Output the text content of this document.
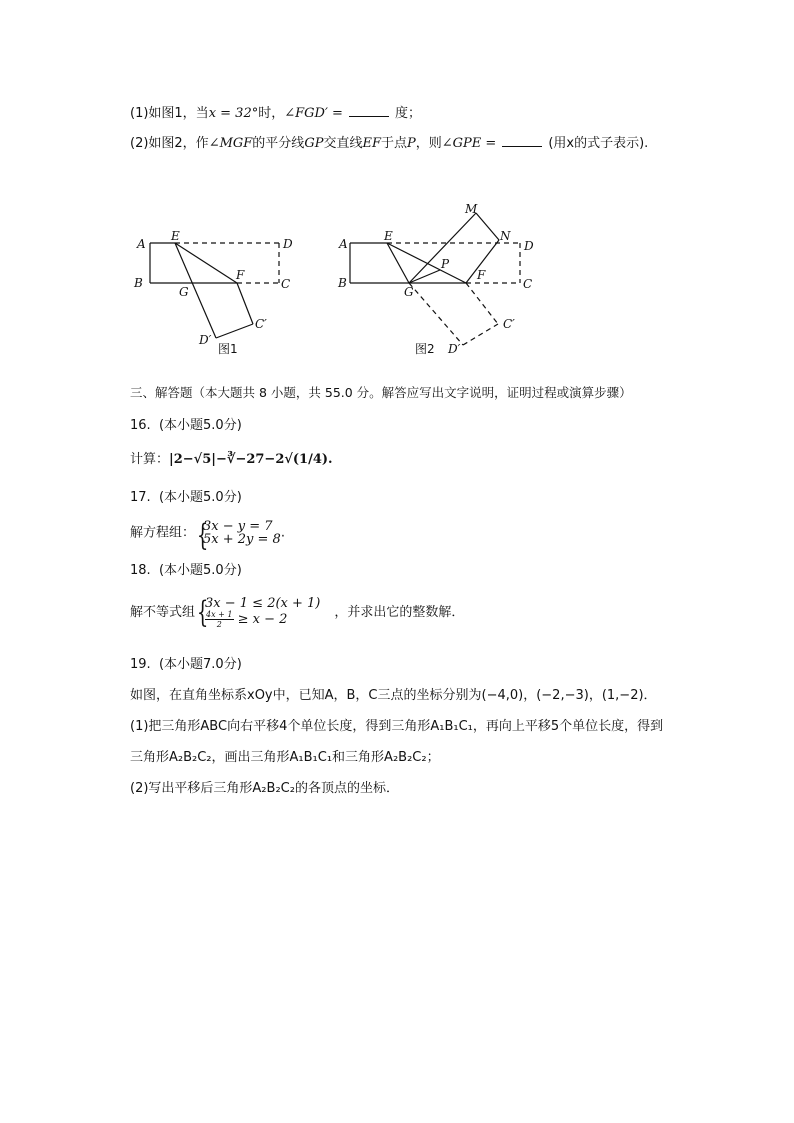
(1)如图1，当x = 32°时，∠FGD′ =	度；
(2)如图2，作∠MGF的平分线GP交直线EF于点P，则∠GPE =	(用x的式子表示).
A
B
E
D
C
F
G
D′
C′
图1
A
B
E
D
C
F
G
P
M
N
D′
C′
图2
三、解答题（本大题共 8 小题，共 55.0 分。解答应写出文字说明，证明过程或演算步骤）
16. (本小题5.0分)
计算：|2−√5|−∛−27−2√(1/4).
17. (本小题5.0分)
解方程组：
{ 3x − y = 7
5x + 2y = 8 .
18. (本小题5.0分)
解不等式组
{ 3x − 1 ≤ 2(x + 1)
$\frac{4x + 1}{2} \ge x - 2$	，并求出它的整数解．
19. (本小题7.0分)
如图，在直角坐标系xOy中，已知A，B，C三点的坐标分别为(−4,0)，(−2,−3)，(1,−2)．
(1)把三角形ABC向右平移4个单位长度，得到三角形A₁B₁C₁，再向上平移5个单位长度，得到
三角形A₂B₂C₂，画出三角形A₁B₁C₁和三角形A₂B₂C₂；
(2)写出平移后三角形A₂B₂C₂的各顶点的坐标．
